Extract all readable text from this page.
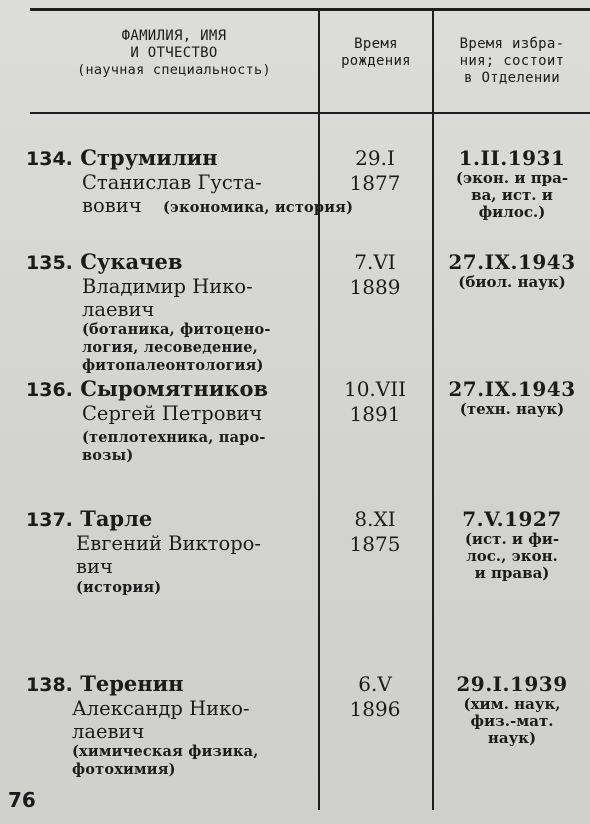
ФАМИЛИЯ, ИМЯ
И ОТЧЕСТВО
(научная специальность)
Время
рождения
Время избра-
ния; состоит
в Отделении
134. Струмилин
Станислав Густа-
вович (экономика, история)
29.I
1877
1.II.1931
(экон. и пра-
ва, ист. и
филос.)
135. Сукачев
Владимир Нико-
лаевич
(ботаника, фитоцено-
логия, лесоведение,
фитопалеонтология)
7.VI
1889
27.IX.1943
(биол. наук)
136. Сыромятников
Сергей Петрович
(теплотехника, паро-
возы)
10.VII
1891
27.IX.1943
(техн. наук)
137. Тарле
Евгений Викторо-
вич
(история)
8.XI
1875
7.V.1927
(ист. и фи-
лос., экон.
и права)
138. Теренин
Александр Нико-
лаевич
(химическая физика,
фотохимия)
6.V
1896
29.I.1939
(хим. наук,
физ.-мат.
наук)
76
